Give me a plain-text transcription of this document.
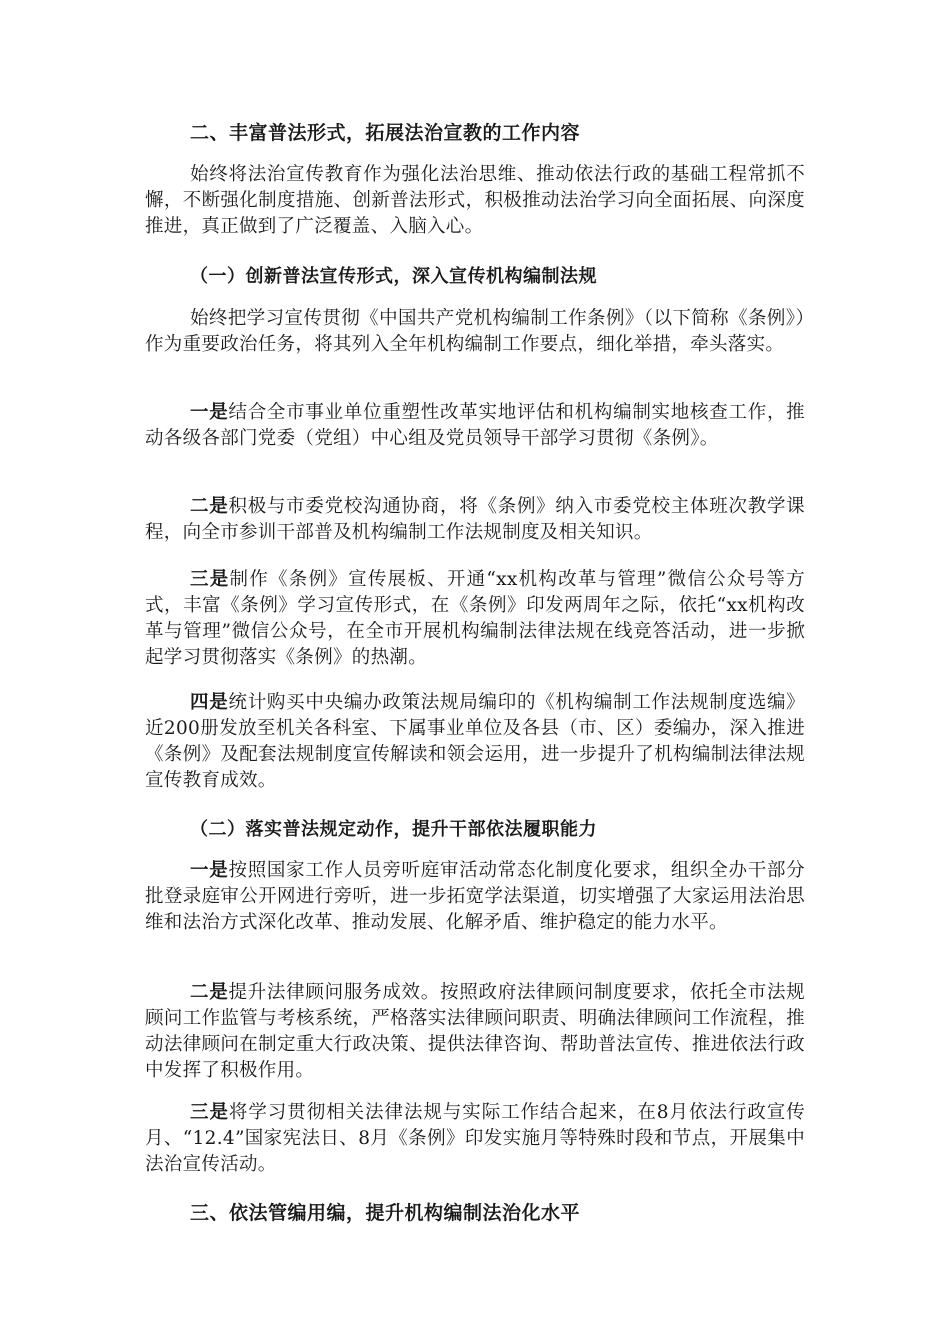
二、丰富普法形式，拓展法治宣教的工作内容
始终将法治宣传教育作为强化法治思维、推动依法行政的基础工程常抓不懈，不断强化制度措施、创新普法形式，积极推动法治学习向全面拓展、向深度推进，真正做到了广泛覆盖、入脑入心。
（一）创新普法宣传形式，深入宣传机构编制法规
始终把学习宣传贯彻《中国共产党机构编制工作条例》（以下简称《条例》）作为重要政治任务，将其列入全年机构编制工作要点，细化举措，牵头落实。
一是结合全市事业单位重塑性改革实地评估和机构编制实地核查工作，推动各级各部门党委（党组）中心组及党员领导干部学习贯彻《条例》。
二是积极与市委党校沟通协商，将《条例》纳入市委党校主体班次教学课程，向全市参训干部普及机构编制工作法规制度及相关知识。
三是制作《条例》宣传展板、开通“xx机构改革与管理”微信公众号等方式，丰富《条例》学习宣传形式，在《条例》印发两周年之际，依托“xx机构改革与管理”微信公众号，在全市开展机构编制法律法规在线竞答活动，进一步掀起学习贯彻落实《条例》的热潮。
四是统计购买中央编办政策法规局编印的《机构编制工作法规制度选编》近200册发放至机关各科室、下属事业单位及各县（市、区）委编办，深入推进《条例》及配套法规制度宣传解读和领会运用，进一步提升了机构编制法律法规宣传教育成效。
（二）落实普法规定动作，提升干部依法履职能力
一是按照国家工作人员旁听庭审活动常态化制度化要求，组织全办干部分批登录庭审公开网进行旁听，进一步拓宽学法渠道，切实增强了大家运用法治思维和法治方式深化改革、推动发展、化解矛盾、维护稳定的能力水平。
二是提升法律顾问服务成效。按照政府法律顾问制度要求，依托全市法规顾问工作监管与考核系统，严格落实法律顾问职责、明确法律顾问工作流程，推动法律顾问在制定重大行政决策、提供法律咨询、帮助普法宣传、推进依法行政中发挥了积极作用。
三是将学习贯彻相关法律法规与实际工作结合起来，在8月依法行政宣传月、“12.4”国家宪法日、8月《条例》印发实施月等特殊时段和节点，开展集中法治宣传活动。
三、依法管编用编，提升机构编制法治化水平
